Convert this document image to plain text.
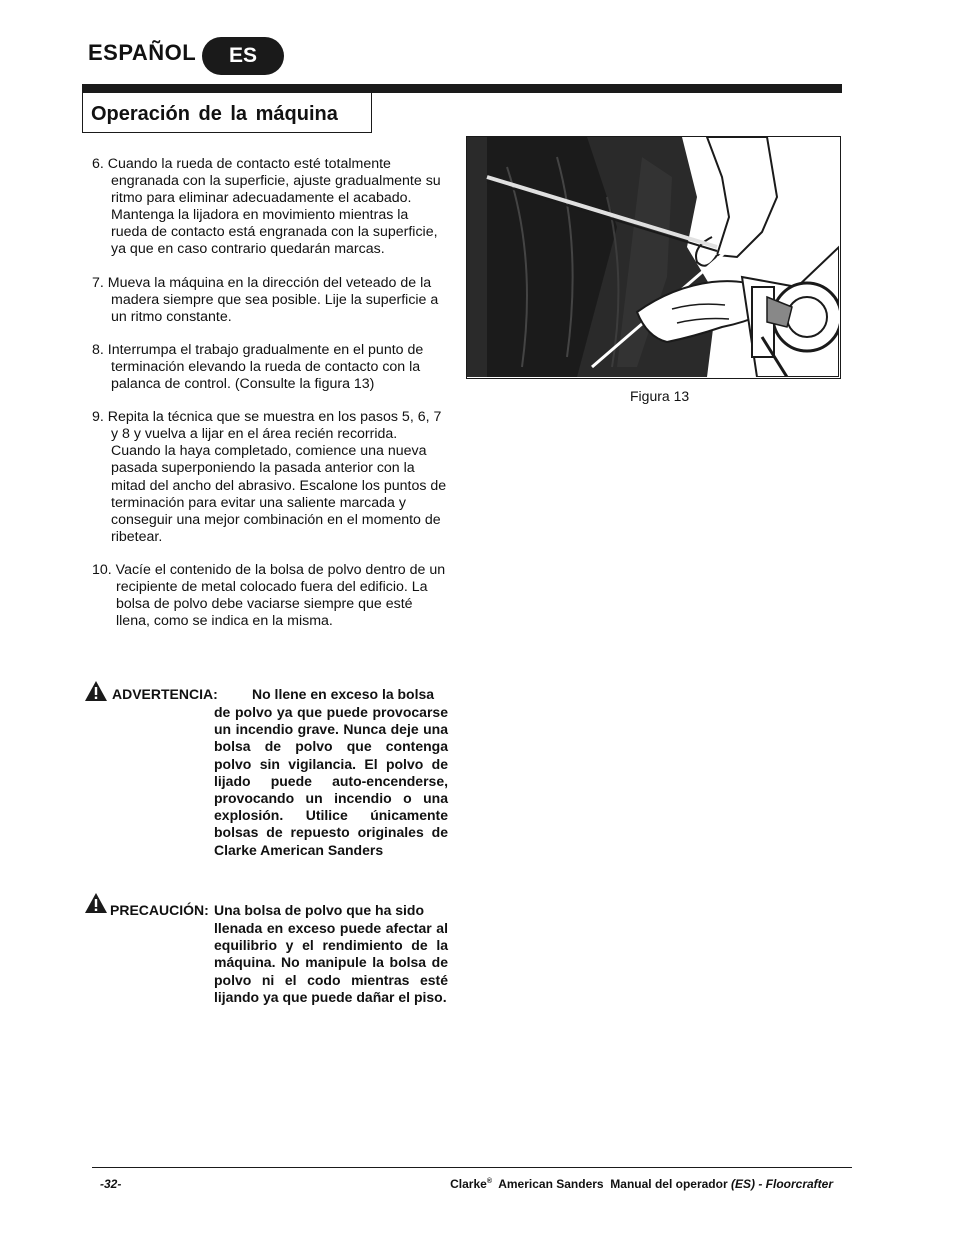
ESPAÑOL	ES
Operación de la máquina
6. Cuando la rueda de contacto esté totalmente engranada con la superficie, ajuste gradualmente su ritmo para eliminar adecuadamente el acabado. Mantenga la lijadora en movimiento mientras la rueda de contacto está engranada con la superficie, ya que en caso contrario quedarán marcas.
7. Mueva la máquina en la dirección del veteado de la madera siempre que sea posible. Lije la superficie a un ritmo constante.
8. Interrumpa el trabajo gradualmente en el punto de terminación elevando la rueda de contacto con la palanca de control. (Consulte la figura 13)
9. Repita la técnica que se muestra en los pasos 5, 6, 7 y 8 y vuelva a lijar en el área recién recorrida. Cuando la haya completado, comience una nueva pasada superponiendo la pasada anterior con la mitad del ancho del abrasivo. Escalone los puntos de terminación para evitar una saliente marcada y conseguir una mejor combinación en el momento de ribetear.
10. Vacíe el contenido de la bolsa de polvo dentro de un recipiente de metal colocado fuera del edificio. La bolsa de polvo debe vaciarse siempre que esté llena, como se indica en la misma.
ADVERTENCIA: No llene en exceso la bolsa
de polvo ya que puede provocarse un incendio grave. Nunca deje una bolsa de polvo que contenga polvo sin vigilancia. El polvo de lijado puede auto-encenderse, provocando un incendio o una explosión. Utilice únicamente bolsas de repuesto originales de Clarke American Sanders
PRECAUCIÓN: Una bolsa de polvo que ha sido
llenada en exceso puede afectar al equilibrio y el rendimiento de la máquina. No manipule la bolsa de polvo ni el codo mientras esté lijando ya que puede dañar el piso.
Figura 13
-32-	Clarke® American Sanders Manual del operador (ES) - Floorcrafter
